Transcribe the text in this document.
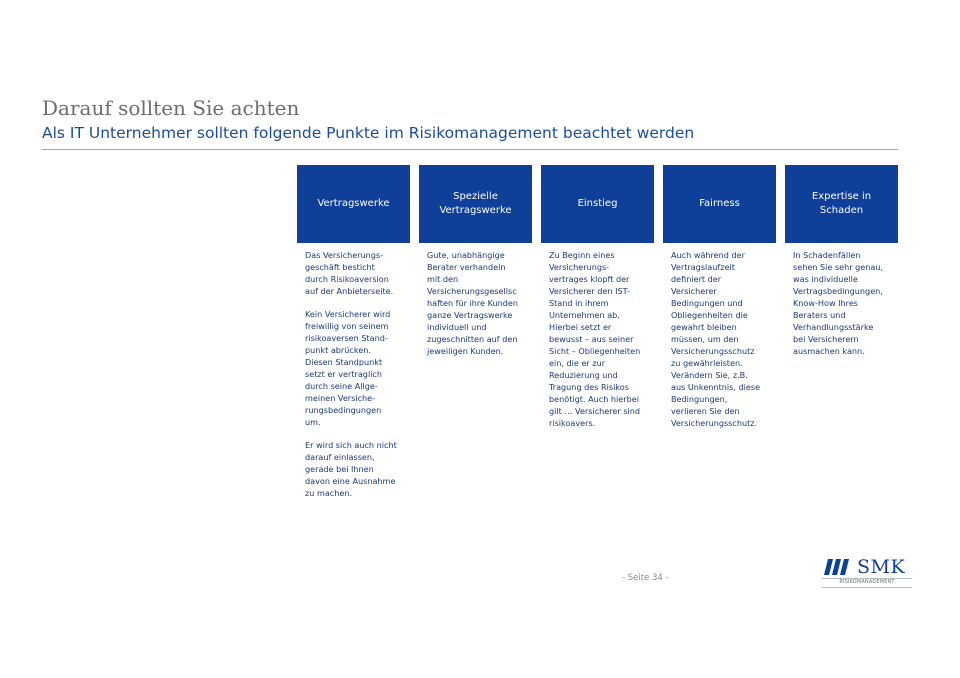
Darauf sollten Sie achten
Als IT Unternehmer sollten folgende Punkte im Risikomanagement beachtet werden
Vertragswerke

Das Versicherungs-
geschäft besticht
durch Risikoaversion
auf der Anbieterseite.

Kein Versicherer wird
freiwillig von seinem
risikoaversen Stand-
punkt abrücken.
Diesen Standpunkt
setzt er vertraglich
durch seine Allge-
meinen Versiche-
rungsbedingungen
um.

Er wird sich auch nicht
darauf einlassen,
gerade bei Ihnen
davon eine Ausnahme
zu machen.

Spezielle
Vertragswerke

Gute, unabhängige
Berater verhandeln
mit den
Versicherungsgesellsc
haften für ihre Kunden
ganze Vertragswerke
individuell und
zugeschnitten auf den
jeweiligen Kunden.

Einstieg

Zu Beginn eines
Versicherungs-
vertrages klopft der
Versicherer den IST-
Stand in ihrem
Unternehmen ab.
Hierbei setzt er
bewusst – aus seiner
Sicht – Obliegenheiten
ein, die er zur
Reduzierung und
Tragung des Risikos
benötigt. Auch hierbei
gilt … Versicherer sind
risikoavers.

Fairness

Auch während der
Vertragslaufzeit
definiert der
Versicherer
Bedingungen und
Obliegenheiten die
gewahrt bleiben
müssen, um den
Versicherungsschutz
zu gewährleisten.
Verändern Sie, z.B.
aus Unkenntnis, diese
Bedingungen,
verlieren Sie den
Versicherungsschutz.

Expertise in
Schaden

In Schadenfällen
sehen Sie sehr genau,
was individuelle
Vertragsbedingungen,
Know-How Ihres
Beraters und
Verhandlungsstärke
bei Versicherern
ausmachen kann.

- Seite 34 -	SMK
RISIKOMANAGEMENT
